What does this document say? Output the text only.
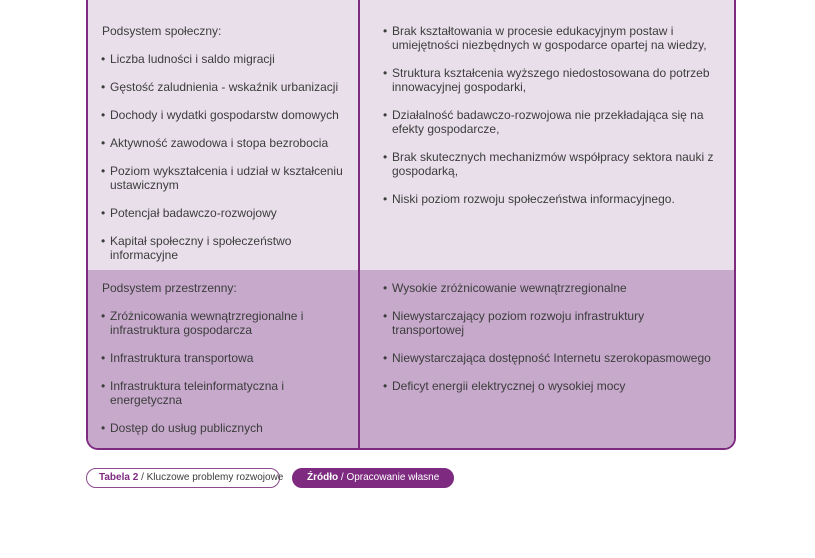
Podsystem społeczny:

• Liczba ludności i saldo migracji
• Gęstość zaludnienia - wskaźnik urbanizacji
• Dochody i wydatki gospodarstw domowych
• Aktywność zawodowa i stopa bezrobocia
• Poziom wykształcenia i udział w kształceniu ustawicznym
• Potencjał badawczo-rozwojowy
• Kapitał społeczny i społeczeństwo informacyjne
• Brak kształtowania w procesie edukacyjnym postaw i umiejętności niezbędnych w gospodarce opartej na wiedzy,
• Struktura kształcenia wyższego niedostosowana do potrzeb innowacyjnej gospodarki,
• Działalność badawczo-rozwojowa nie przekładająca się na efekty gospodarcze,
• Brak skutecznych mechanizmów współpracy sektora nauki z gospodarką,
• Niski poziom rozwoju społeczeństwa informacyjnego.

Podsystem przestrzenny:

• Zróżnicowania wewnątrzregionalne i infrastruktura gospodarcza
• Infrastruktura transportowa
• Infrastruktura teleinformatyczna i energetyczna
• Dostęp do usług publicznych
• Wysokie zróżnicowanie wewnątrzregionalne
• Niewystarczający poziom rozwoju infrastruktury transportowej
• Niewystarczająca dostępność Internetu szerokopasmowego
• Deficyt energii elektrycznej o wysokiej mocy
Tabela 2 / Kluczowe problemy rozwojowe	Źródło / Opracowanie własne
